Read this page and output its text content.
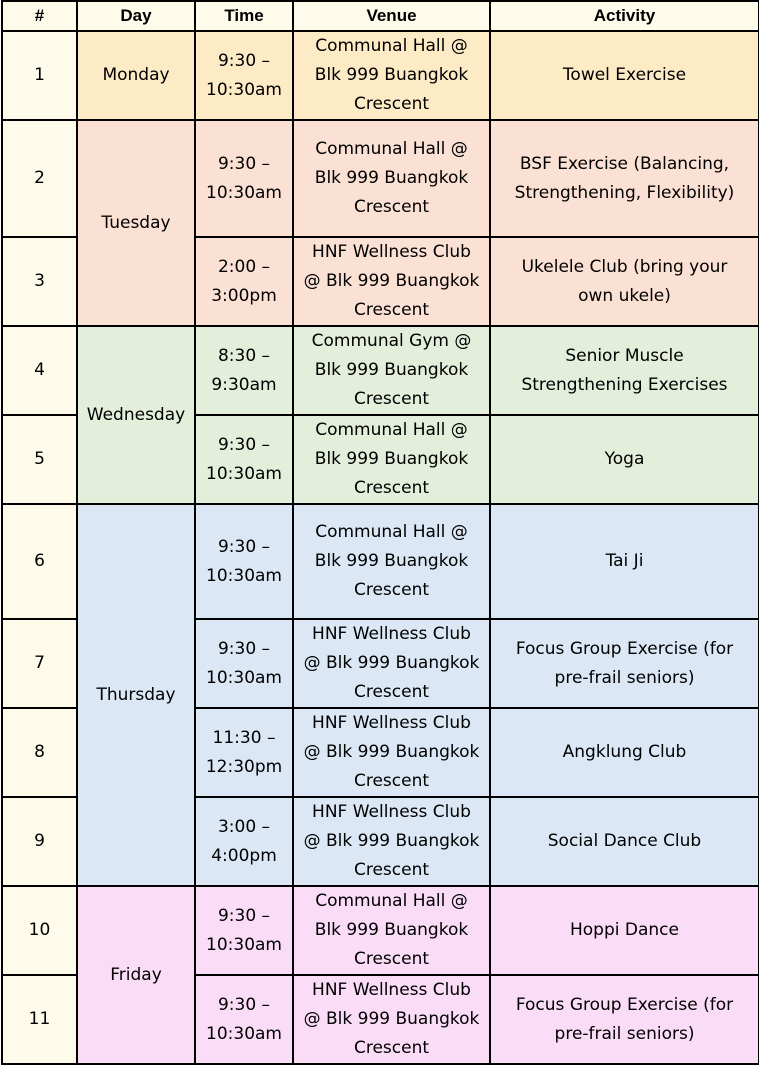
#	Day	Time	Venue	Activity
1	Monday	9:30 –
10:30am	Communal Hall @
Blk 999 Buangkok
Crescent	Towel Exercise

2	Tuesday	9:30 –
10:30am	Communal Hall @
Blk 999 Buangkok
Crescent	BSF Exercise (Balancing,
Strengthening, Flexibility)

3		2:00 –
3:00pm	HNF Wellness Club
@ Blk 999 Buangkok
Crescent	Ukelele Club (bring your
own ukele)

4	Wednesday	8:30 –
9:30am	Communal Gym @
Blk 999 Buangkok
Crescent	Senior Muscle
Strengthening Exercises

5		9:30 –
10:30am	Communal Hall @
Blk 999 Buangkok
Crescent	Yoga

6	Thursday	9:30 –
10:30am	Communal Hall @
Blk 999 Buangkok
Crescent	Tai Ji

7		9:30 –
10:30am	HNF Wellness Club
@ Blk 999 Buangkok
Crescent	Focus Group Exercise (for
pre-frail seniors)

8		11:30 –
12:30pm	HNF Wellness Club
@ Blk 999 Buangkok
Crescent	Angklung Club

9		3:00 –
4:00pm	HNF Wellness Club
@ Blk 999 Buangkok
Crescent	Social Dance Club

10	Friday	9:30 –
10:30am	Communal Hall @
Blk 999 Buangkok
Crescent	Hoppi Dance

11		9:30 –
10:30am	HNF Wellness Club
@ Blk 999 Buangkok
Crescent	Focus Group Exercise (for
pre-frail seniors)
